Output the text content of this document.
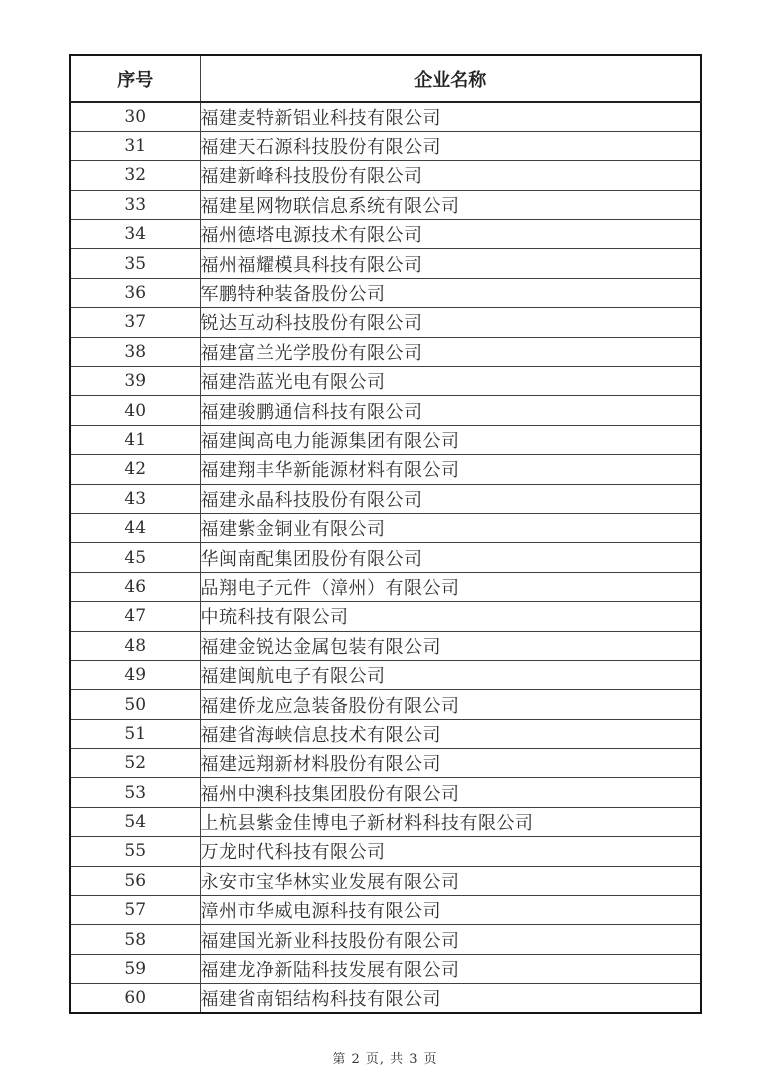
序号	企业名称
30	福建麦特新铝业科技有限公司
31	福建天石源科技股份有限公司
32	福建新峰科技股份有限公司
33	福建星网物联信息系统有限公司
34	福州德塔电源技术有限公司
35	福州福耀模具科技有限公司
36	军鹏特种装备股份公司
37	锐达互动科技股份有限公司
38	福建富兰光学股份有限公司
39	福建浩蓝光电有限公司
40	福建骏鹏通信科技有限公司
41	福建闽高电力能源集团有限公司
42	福建翔丰华新能源材料有限公司
43	福建永晶科技股份有限公司
44	福建紫金铜业有限公司
45	华闽南配集团股份有限公司
46	品翔电子元件（漳州）有限公司
47	中琉科技有限公司
48	福建金锐达金属包装有限公司
49	福建闽航电子有限公司
50	福建侨龙应急装备股份有限公司
51	福建省海峡信息技术有限公司
52	福建远翔新材料股份有限公司
53	福州中澳科技集团股份有限公司
54	上杭县紫金佳博电子新材料科技有限公司
55	万龙时代科技有限公司
56	永安市宝华林实业发展有限公司
57	漳州市华威电源科技有限公司
58	福建国光新业科技股份有限公司
59	福建龙净新陆科技发展有限公司
60	福建省南铝结构科技有限公司
第 2 页, 共 3 页
